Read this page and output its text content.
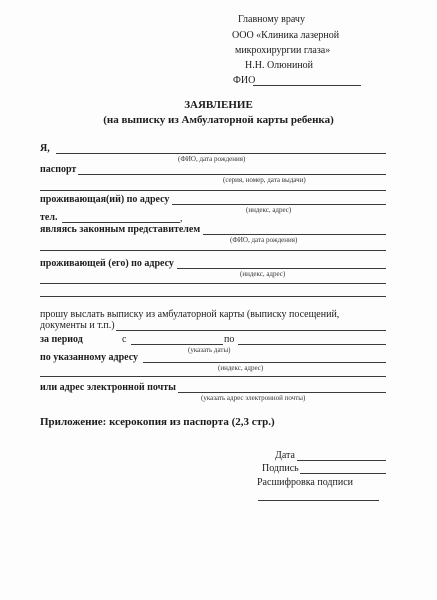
Главному врачу
ООО «Клиника лазерной
микрохирургии глаза»
Н.Н. Олюниной
ФИО
ЗАЯВЛЕНИЕ
(на выписку из Амбулаторной карты ребенка)
Я,
(ФИО, дата рождения)
паспорт
(серия, номер, дата выдачи)
проживающая(ий) по адресу
(индекс, адрес)
тел.	,
являясь законным представителем
(ФИО, дата рождения)
проживающей (его) по адресу
(индекс, адрес)
прошу выслать выписку из амбулаторной карты (выписку посещений,
документы и т.п.)
за период	с	по
(указать даты)
по указанному адресу
(индекс, адрес)
или адрес электронной почты
(указать адрес электронной почты)
Приложение: ксерокопия из паспорта (2,3 стр.)
Дата
Подпись
Расшифровка подписи
